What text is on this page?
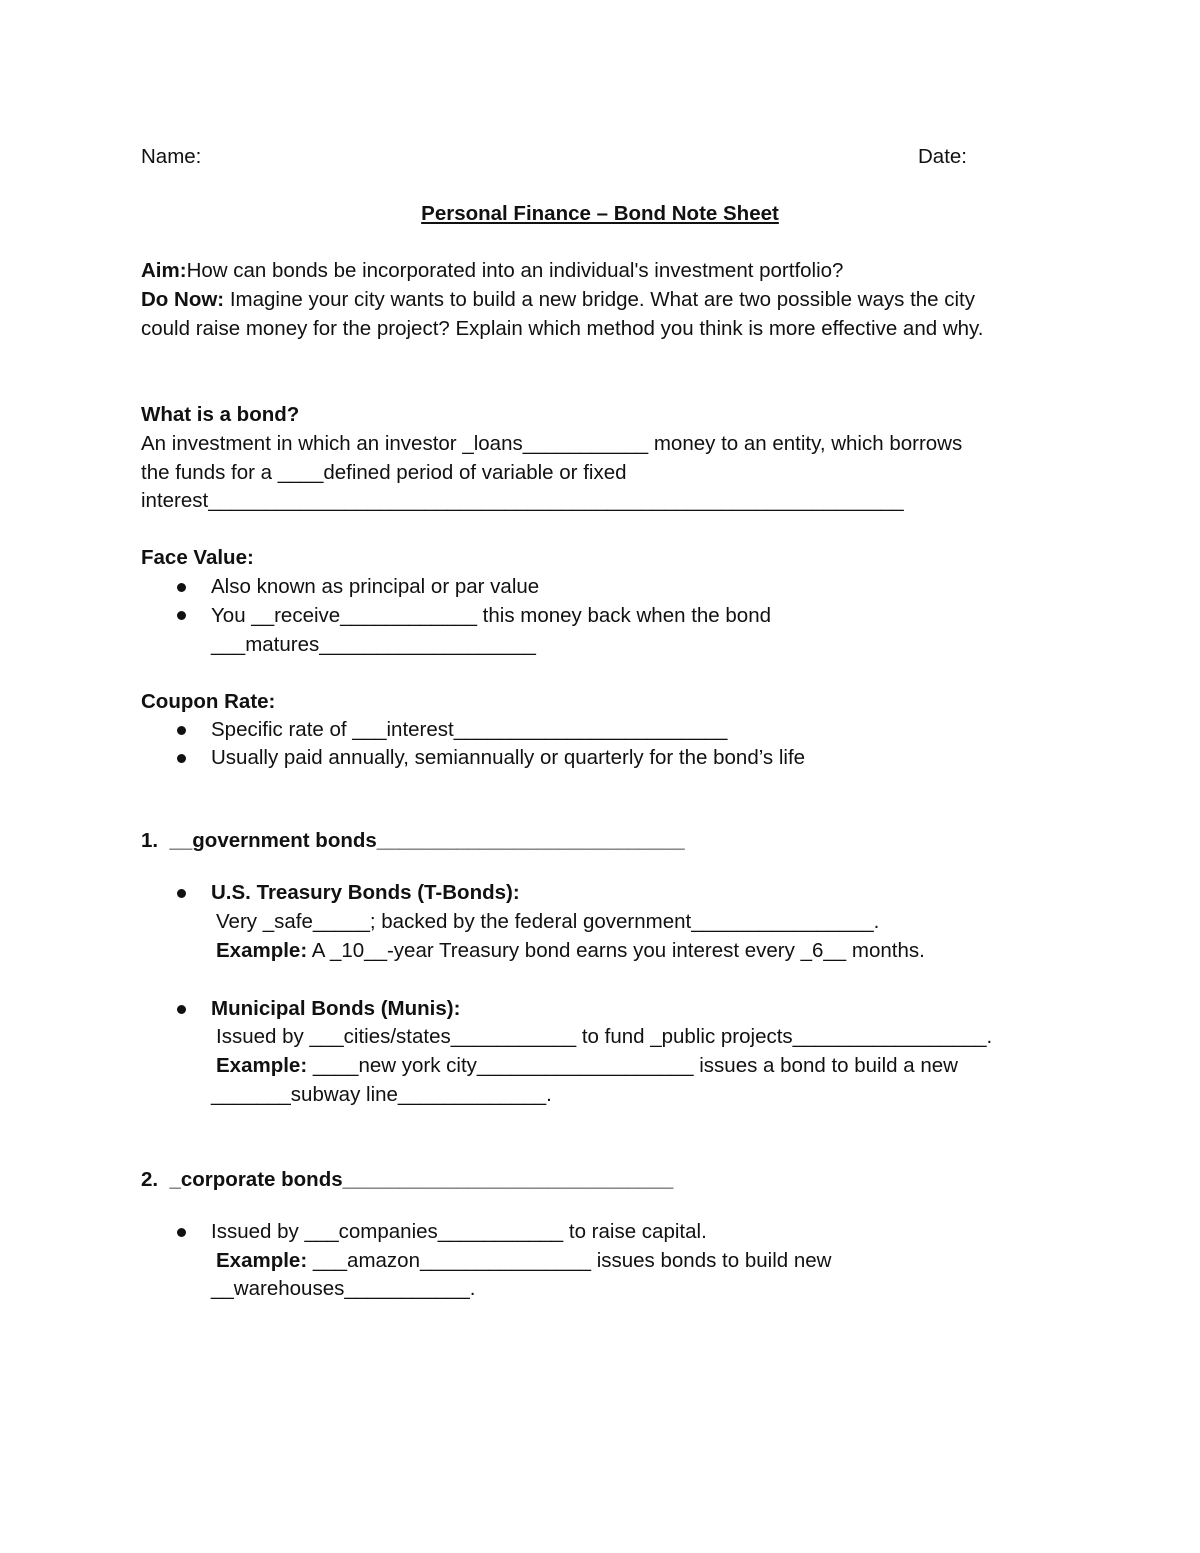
Name:	Date:
Personal Finance – Bond Note Sheet
Aim:How can bonds be incorporated into an individual's investment portfolio?
Do Now: Imagine your city wants to build a new bridge. What are two possible ways the city
could raise money for the project? Explain which method you think is more effective and why.
What is a bond?
An investment in which an investor _loans___________ money to an entity, which borrows
the funds for a ____defined period of variable or fixed
interest_____________________________________________________________
Face Value:
Also known as principal or par value
You __receive____________ this money back when the bond
___matures___________________
Coupon Rate:
Specific rate of ___interest________________________
Usually paid annually, semiannually or quarterly for the bond’s life
1.  __government bonds___________________________
U.S. Treasury Bonds (T-Bonds):
Very _safe_____; backed by the federal government________________.
Example: A _10__-year Treasury bond earns you interest every _6__ months.
Municipal Bonds (Munis):
Issued by ___cities/states___________ to fund _public projects_________________.
Example: ____new york city___________________ issues a bond to build a new
_______subway line_____________.
2.  _corporate bonds_____________________________
Issued by ___companies___________ to raise capital.
Example: ___amazon_______________ issues bonds to build new
__warehouses___________.
